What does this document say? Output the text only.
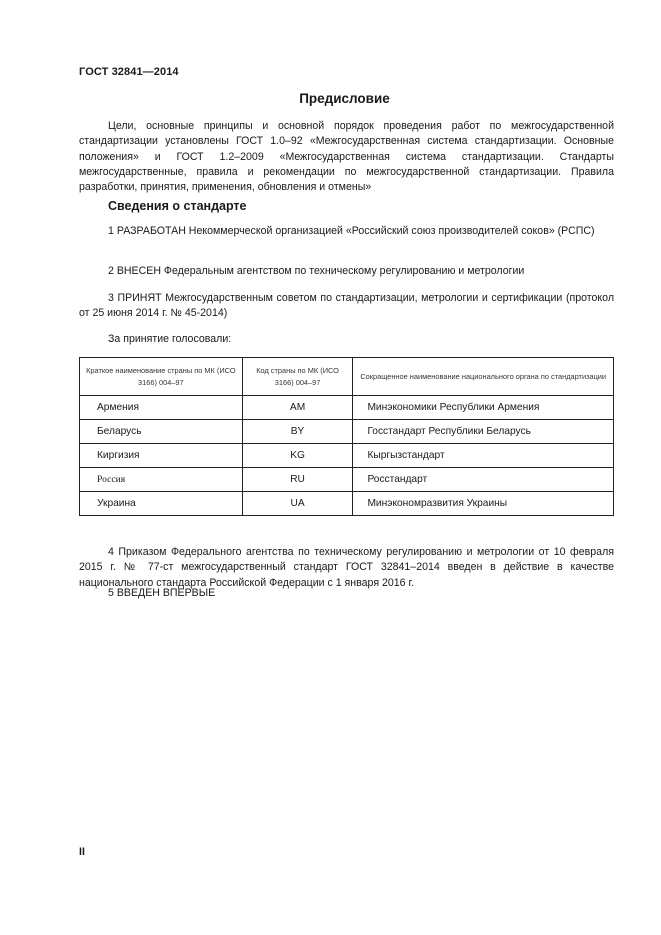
ГОСТ 32841—2014
Предисловие

Цели, основные принципы и основной порядок проведения работ по межгосударственной стандартизации установлены ГОСТ 1.0–92 «Межгосударственная система стандартизации. Основные положения» и ГОСТ 1.2–2009 «Межгосударственная система стандартизации. Стандарты межгосударственные, правила и рекомендации по межгосударственной стандартизации. Правила разработки, принятия, применения, обновления и отмены»

Сведения о стандарте

1 РАЗРАБОТАН Некоммерческой организацией «Российский союз производителей соков» (РСПС)

2 ВНЕСЕН Федеральным агентством по техническому регулированию и метрологии

3 ПРИНЯТ Межгосударственным советом по стандартизации, метрологии и сертификации (протокол от 25 июня 2014 г. № 45-2014)

За принятие голосовали:
Краткое наименование страны по МК (ИСО 3166) 004–97	Код страны по МК (ИСО 3166) 004–97	Сокращенное наименование национального органа по стандартизации
Армения	AM	Минэкономики Республики Армения
Беларусь	BY	Госстандарт Республики Беларусь
Киргизия	KG	Кыргызстандарт
Россия	RU	Росстандарт
Украина	UA	Минэкономразвития Украины

4 Приказом Федерального агентства по техническому регулированию и метрологии от 10 февраля 2015 г. № 77-ст межгосударственный стандарт ГОСТ 32841–2014 введен в действие в качестве национального стандарта Российской Федерации с 1 января 2016 г.

5 ВВЕДЕН ВПЕРВЫЕ

II
